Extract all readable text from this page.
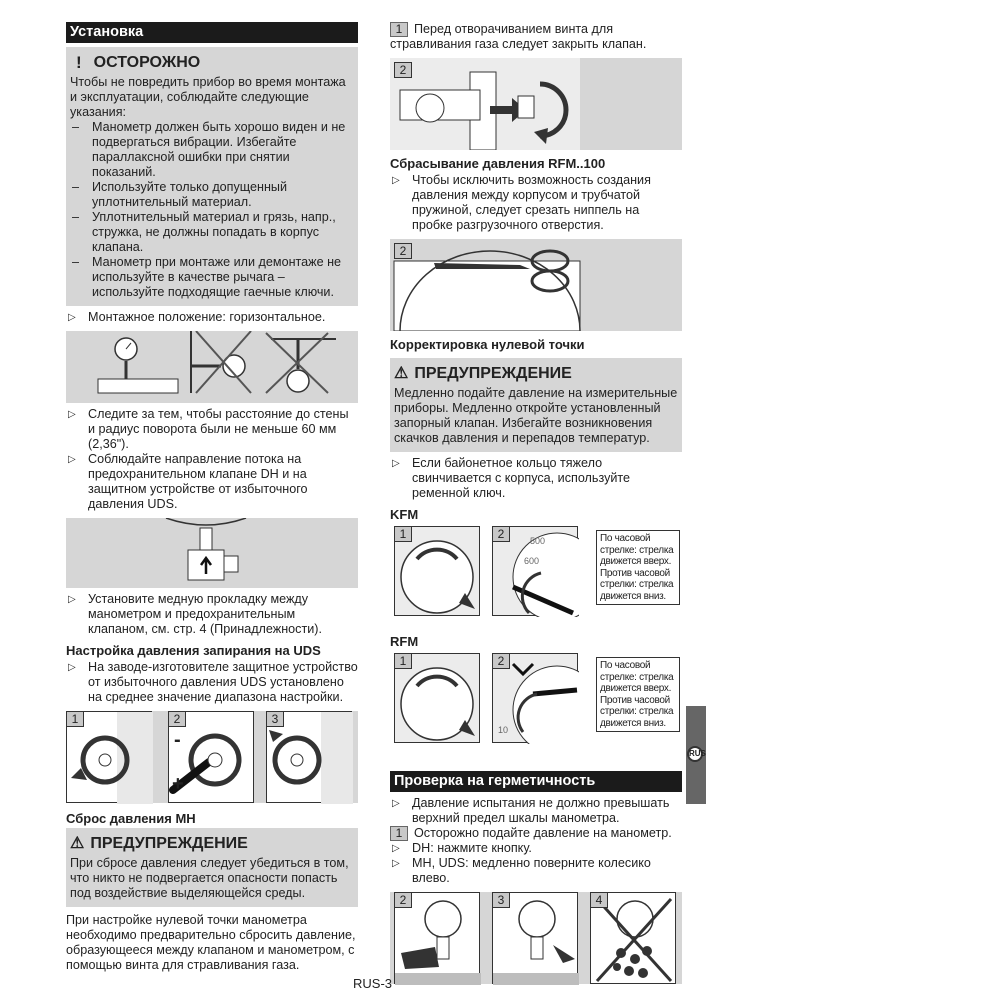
Установка
! ОСТОРОЖНО

Чтобы не повредить прибор во время монтажа и эксплуатации, соблюдайте следующие указания:

– Манометр должен быть хорошо виден и не подвергаться вибрации. Избегайте параллаксной ошибки при снятии показаний.
– Используйте только допущенный уплотнительный материал.
– Уплотнительный материал и грязь, напр., стружка, не должны попадать в корпус клапана.
– Манометр при монтаже или демонтаже не используйте в качестве рычага – используйте подходящие гаечные ключи.
▷ Монтажное положение: горизонтальное.
▷ Следите за тем, чтобы расстояние до стены и радиус поворота были не меньше 60 мм (2,36").
▷ Соблюдайте направление потока на предохранительном клапане DH и на защитном устройстве от избыточного давления UDS.
▷ Установите медную прокладку между манометром и предохранительным клапаном, см. стр. 4 (Принадлежности).
Настройка давления запирания на UDS
▷ На заводе-изготовителе защитное устройство от избыточного давления UDS установлено на среднее значение диапазона настройки.
1	2
-
+
3
Сброс давления MH
⚠ ПРЕДУПРЕЖДЕНИЕ

При сбросе давления следует убедиться в том, что никто не подвергается опасности попасть под воздействие выделяющейся среды.

При настройке нулевой точки манометра необходимо предварительно сбросить давление, образующееся между клапаном и манометром, с помощью винта для стравливания газа.

1 Перед отворачиванием винта для стравливания газа следует закрыть клапан.

2
Сбрасывание давления RFM..100
▷ Чтобы исключить возможность создания давления между корпусом и трубчатой пружиной, следует срезать ниппель на пробке разгрузочного отверстия.
2
Корректировка нулевой точки
⚠ ПРЕДУПРЕЖДЕНИЕ

Медленно подайте давление на измерительные приборы. Медленно откройте установленный запорный клапан. Избегайте возникновения скачков давления и перепадов температур.

▷ Если байонетное кольцо тяжело свинчивается с корпуса, используйте ременной ключ.
KFM
1	2	500
600
По часовой стрелке: стрелка движется вверх. Против часовой стрелки: стрелка движется вниз.
RFM
1	2
10
По часовой стрелке: стрелка движется вверх. Против часовой стрелки: стрелка движется вниз.
Проверка на герметичность
▷ Давление испытания не должно превышать верхний предел шкалы манометра.

1 Осторожно подайте давление на манометр.

▷ DH: нажмите кнопку.
▷ MH, UDS: медленно поверните колесико влево.
2	3	4
RUS
RUS-3
